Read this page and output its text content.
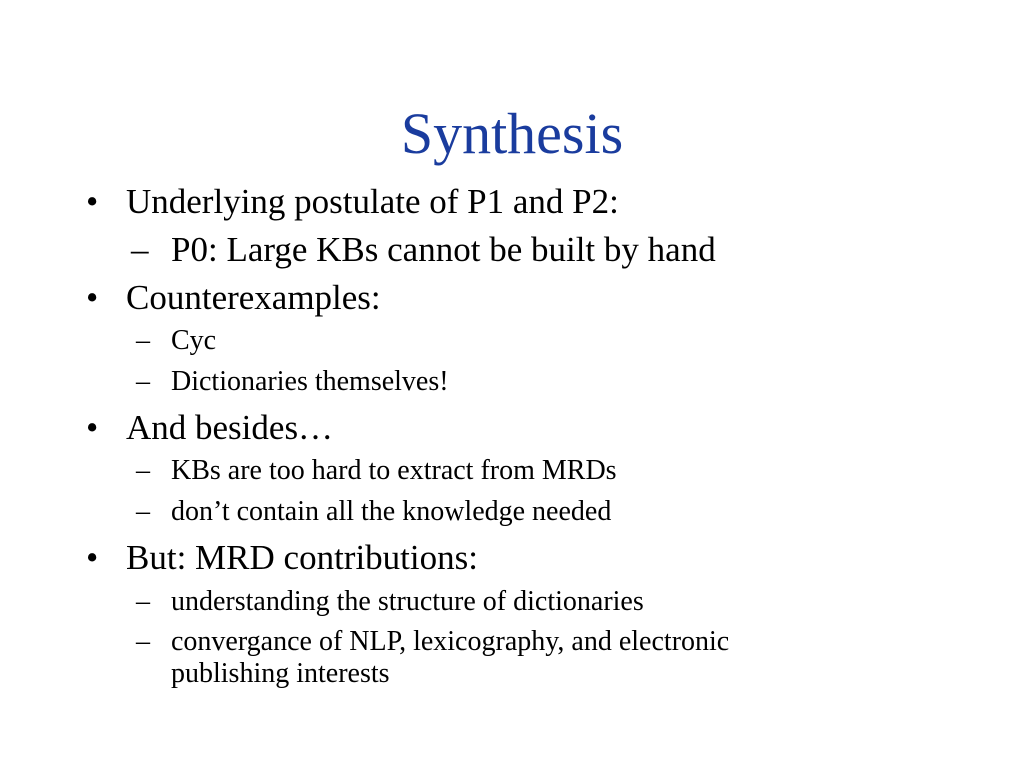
Synthesis
• Underlying postulate of P1 and P2:
– P0: Large KBs cannot be built by hand
• Counterexamples:
– Cyc
– Dictionaries themselves!
• And besides…
– KBs are too hard to extract from MRDs
– don’t contain all the knowledge needed
• But: MRD contributions:
– understanding the structure of dictionaries
– convergance of NLP, lexicography, and electronic
publishing interests
